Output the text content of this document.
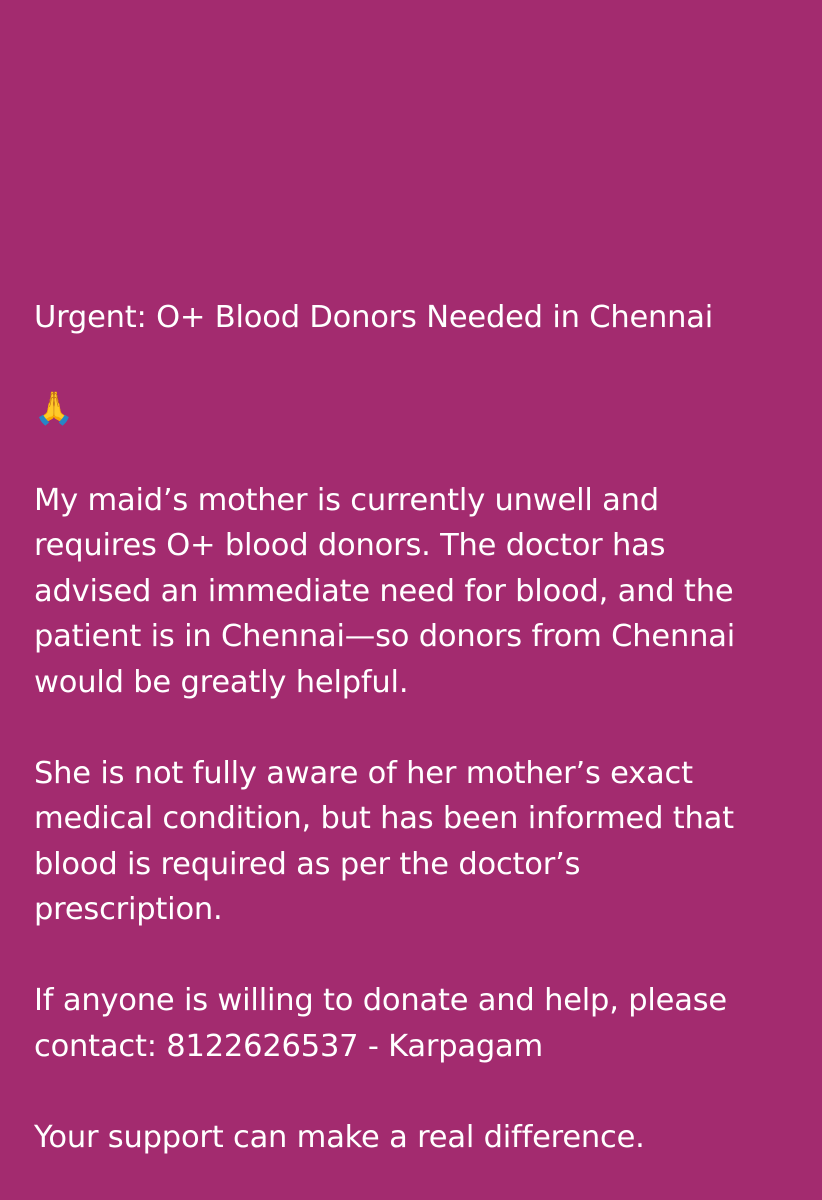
Urgent: O+ Blood Donors Needed in Chennai

🙏

My maid’s mother is currently unwell and
requires O+ blood donors. The doctor has
advised an immediate need for blood, and the
patient is in Chennai—so donors from Chennai
would be greatly helpful.

She is not fully aware of her mother’s exact
medical condition, but has been informed that
blood is required as per the doctor’s
prescription.

If anyone is willing to donate and help, please
contact: 8122626537 - Karpagam

Your support can make a real difference.
